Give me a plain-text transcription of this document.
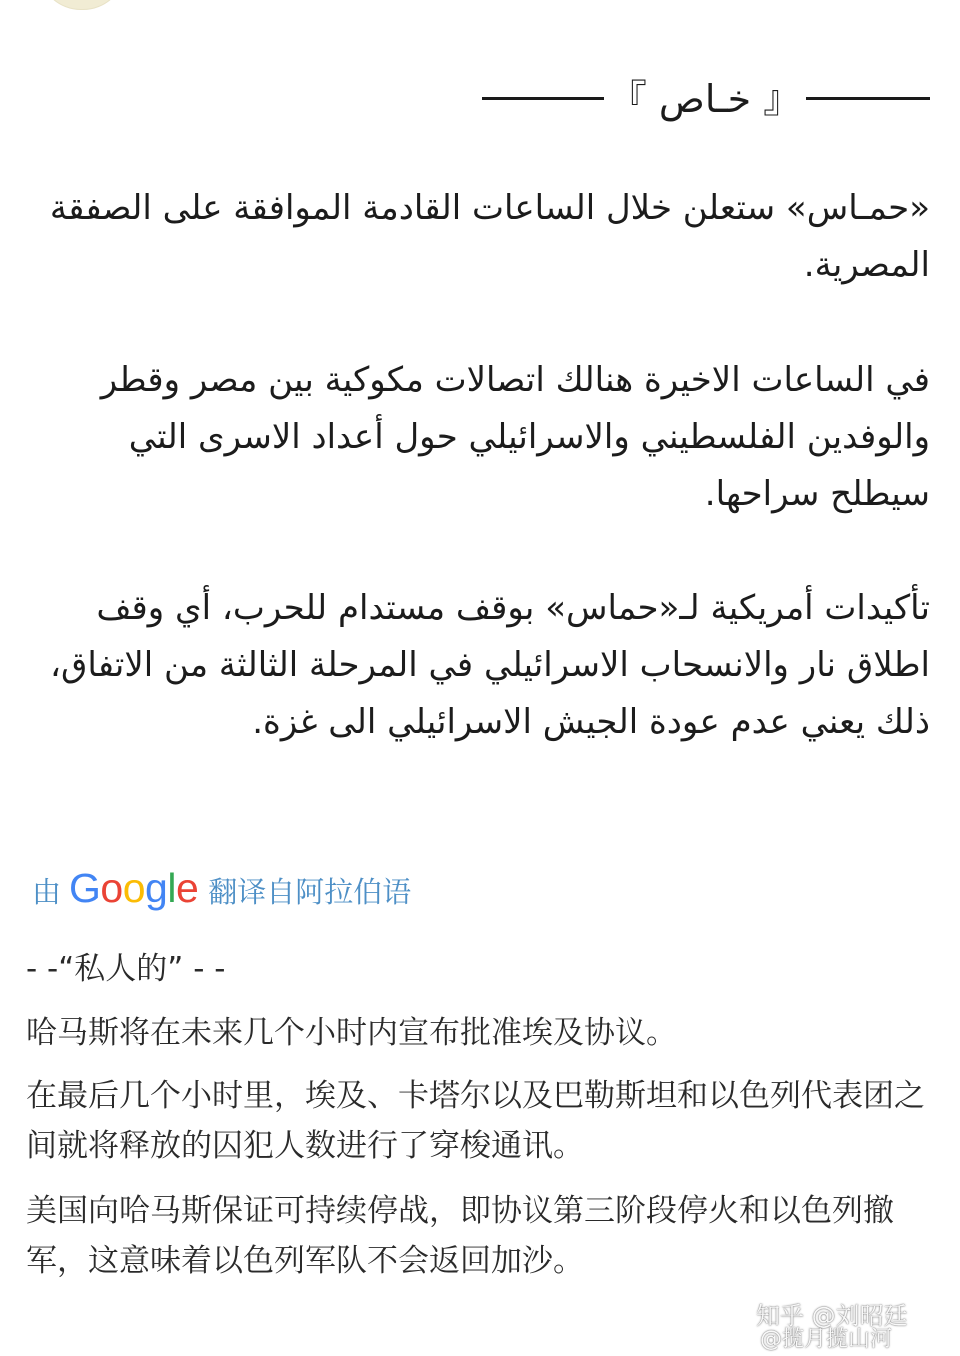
『 خـاص 』

«حمـاس» ستعلن خلال الساعات القادمة الموافقة على الصفقة المصرية.

في الساعات الاخيرة هنالك اتصالات مكوكية بين مصر وقطر والوفدين الفلسطيني والاسرائيلي حول أعداد الاسرى التي سيطلح سراحها.

تأكيدات أمريكية لـ«حماس» بوقف مستدام للحرب، أي وقف اطلاق نار والانسحاب الاسرائيلي في المرحلة الثالثة من الاتفاق، ذلك يعني عدم عودة الجيش الاسرائيلي الى غزة.

由 Google 翻译自阿拉伯语

- -“私人的” - -

哈马斯将在未来几个小时内宣布批准埃及协议。

在最后几个小时里，埃及、卡塔尔以及巴勒斯坦和以色列代表团之间就将释放的囚犯人数进行了穿梭通讯。

美国向哈马斯保证可持续停战，即协议第三阶段停火和以色列撤军，这意味着以色列军队不会返回加沙。

知乎 @刘昭廷
@揽月揽山河
